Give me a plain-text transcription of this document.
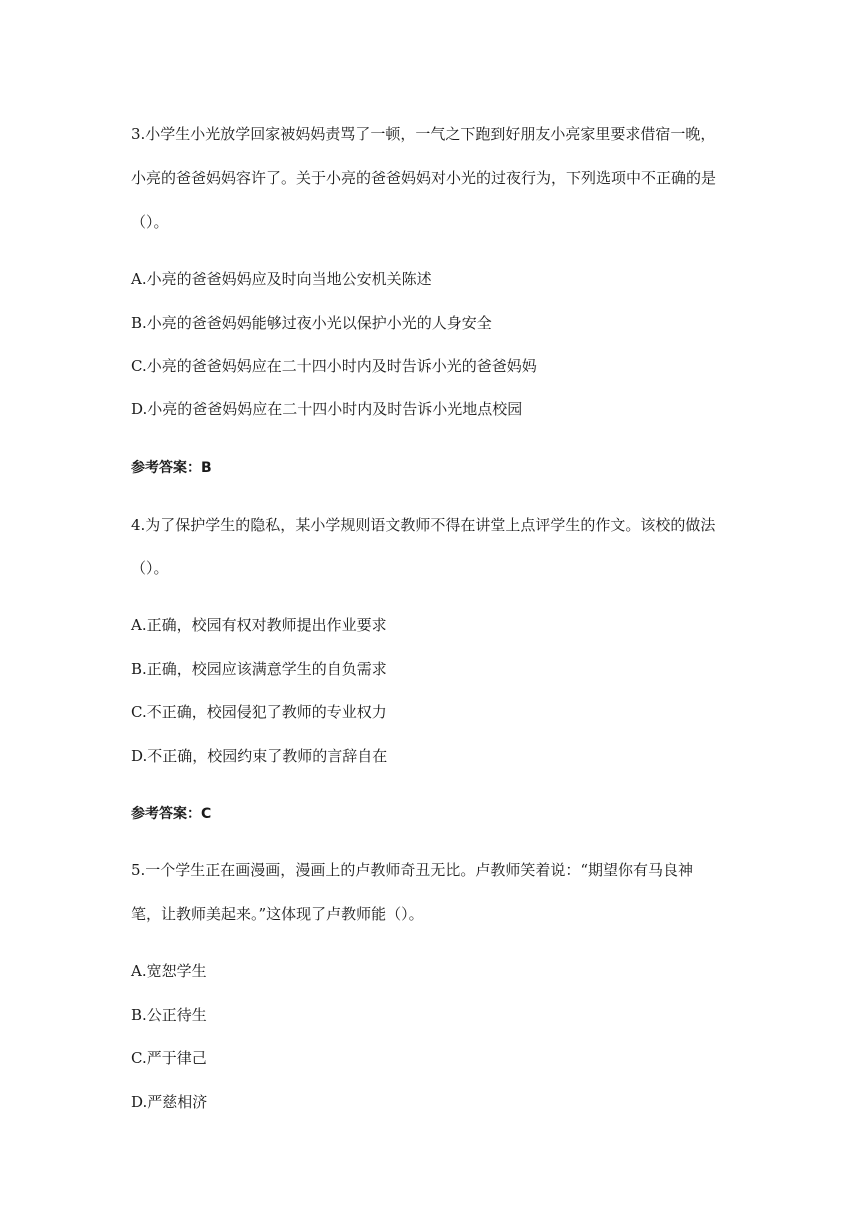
3.小学生小光放学回家被妈妈责骂了一顿，一气之下跑到好朋友小亮家里要求借宿一晚，
小亮的爸爸妈妈容许了。关于小亮的爸爸妈妈对小光的过夜行为，下列选项中不正确的是
（）。
A.小亮的爸爸妈妈应及时向当地公安机关陈述
B.小亮的爸爸妈妈能够过夜小光以保护小光的人身安全
C.小亮的爸爸妈妈应在二十四小时内及时告诉小光的爸爸妈妈
D.小亮的爸爸妈妈应在二十四小时内及时告诉小光地点校园
参考答案：B
4.为了保护学生的隐私，某小学规则语文教师不得在讲堂上点评学生的作文。该校的做法
（）。
A.正确，校园有权对教师提出作业要求
B.正确，校园应该满意学生的自负需求
C.不正确，校园侵犯了教师的专业权力
D.不正确，校园约束了教师的言辞自在
参考答案：C
5.一个学生正在画漫画，漫画上的卢教师奇丑无比。卢教师笑着说：“期望你有马良神
笔，让教师美起来。”这体现了卢教师能（）。
A.宽恕学生
B.公正待生
C.严于律己
D.严慈相济
